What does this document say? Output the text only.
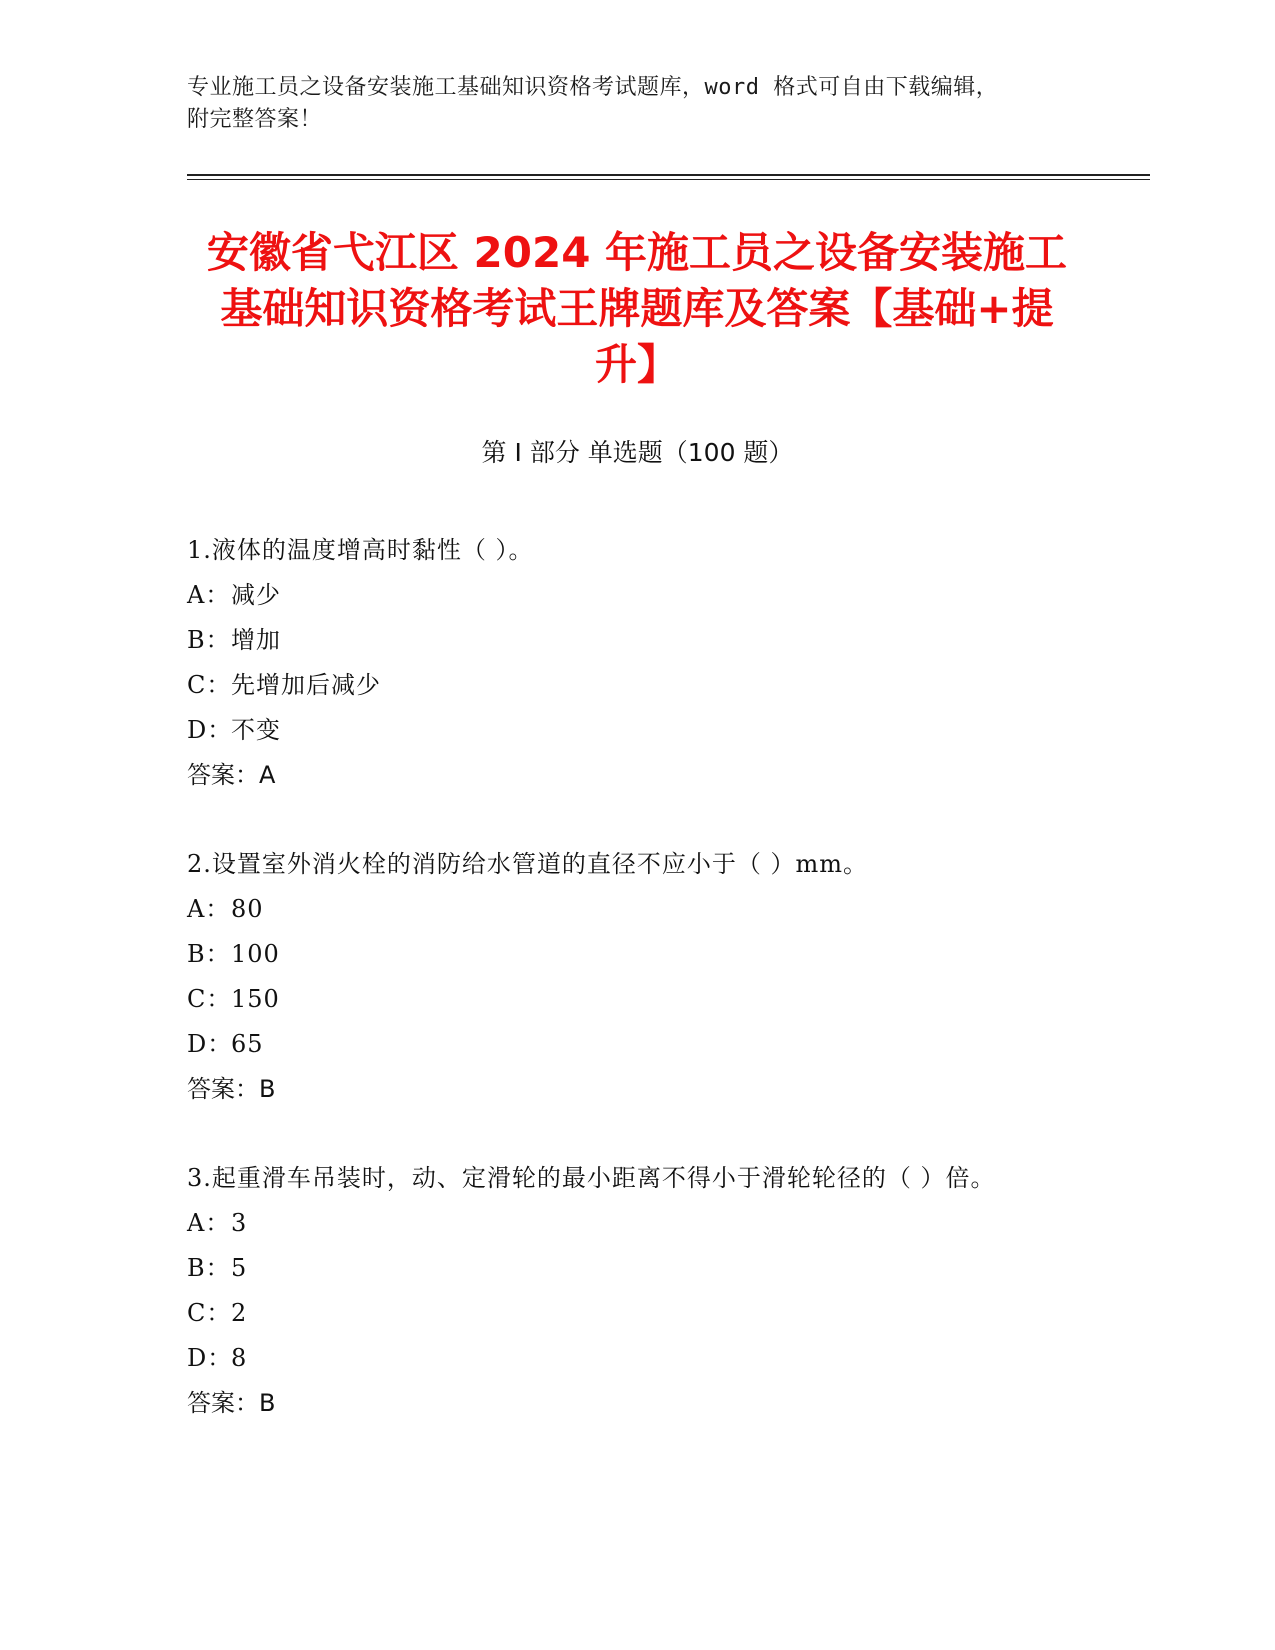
专业施工员之设备安装施工基础知识资格考试题库，word 格式可自由下载编辑，
附完整答案！
安徽省弋江区 2024 年施工员之设备安装施工
基础知识资格考试王牌题库及答案【基础+提
升】
第 I 部分 单选题（100 题）
1.液体的温度增高时黏性（ ）。
A：减少
B：增加
C：先增加后减少
D：不变
答案：A
2.设置室外消火栓的消防给水管道的直径不应小于（ ）mm。
A：80
B：100
C：150
D：65
答案：B
3.起重滑车吊装时，动、定滑轮的最小距离不得小于滑轮轮径的（ ）倍。
A：3
B：5
C：2
D：8
答案：B
